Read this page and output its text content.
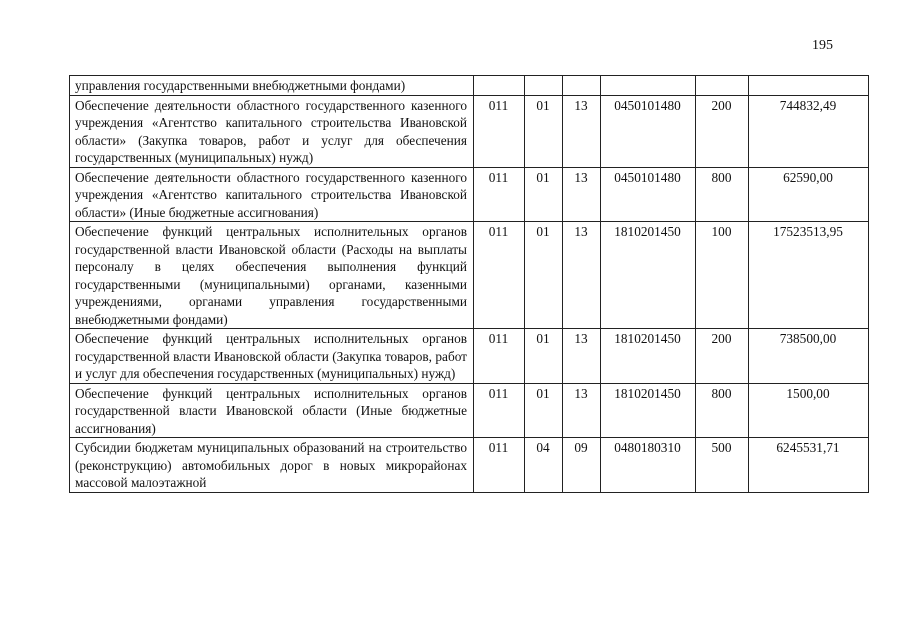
195
управления государственными внебюджетными фондами)						
Обеспечение деятельности областного государственного казенного учреждения «Агентство капитального строительства Ивановской области» (Закупка товаров, работ и услуг для обеспечения государственных (муниципальных) нужд)	011	01	13	0450101480	200	744832,49
Обеспечение деятельности областного государственного казенного учреждения «Агентство капитального строительства Ивановской области» (Иные бюджетные ассигнования)	011	01	13	0450101480	800	62590,00
Обеспечение функций центральных исполнительных органов государственной власти Ивановской области (Расходы на выплаты персоналу в целях обеспечения выполнения функций государственными (муниципальными) органами, казенными учреждениями, органами управления государственными внебюджетными фондами)	011	01	13	1810201450	100	17523513,95
Обеспечение функций центральных исполнительных органов государственной власти Ивановской области (Закупка товаров, работ и услуг для обеспечения государственных (муниципальных) нужд)	011	01	13	1810201450	200	738500,00
Обеспечение функций центральных исполнительных органов государственной власти Ивановской области (Иные бюджетные ассигнования)	011	01	13	1810201450	800	1500,00
Субсидии бюджетам муниципальных образований на строительство (реконструкцию) автомобильных дорог в новых микрорайонах массовой малоэтажной	011	04	09	0480180310	500	6245531,71
